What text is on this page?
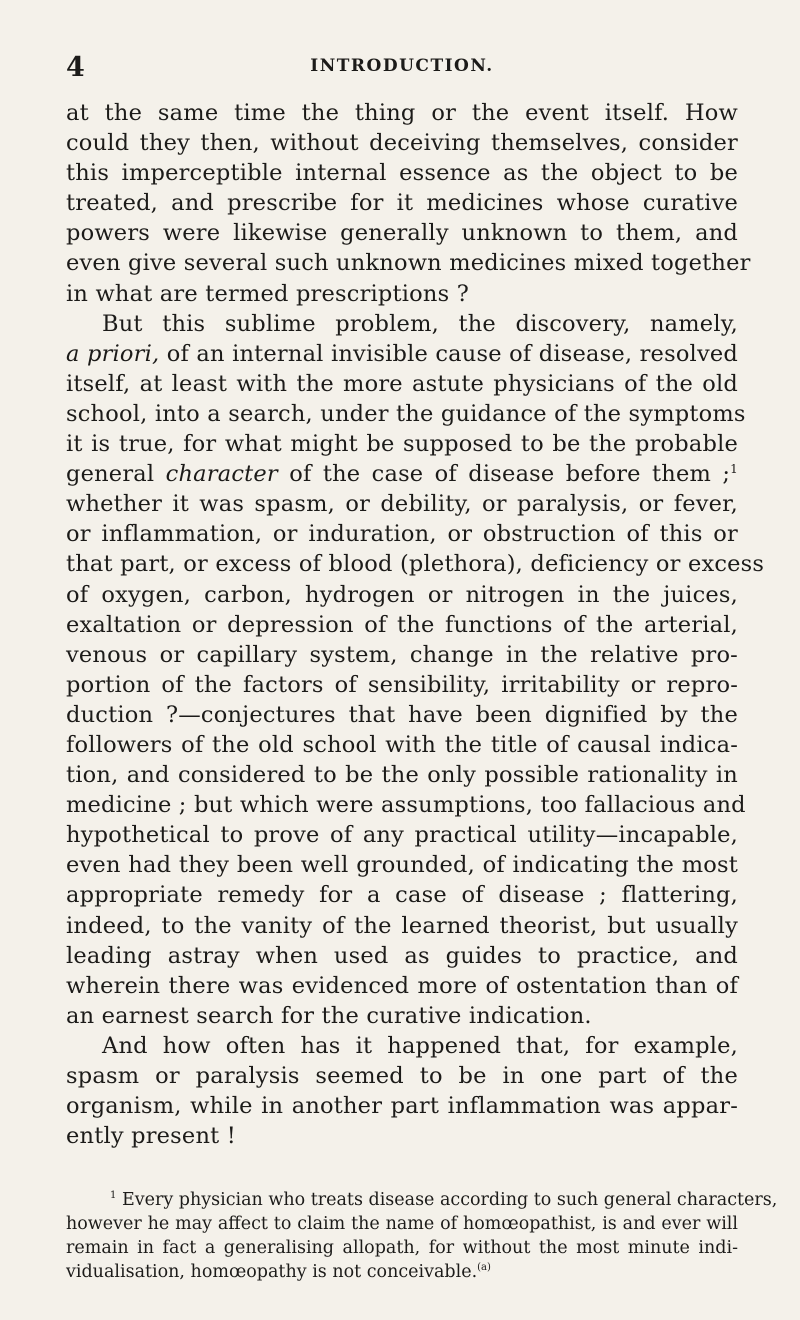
4	INTRODUCTION.
at the same time the thing or the event itself. How
could they then, without deceiving themselves, consider
this imperceptible internal essence as the object to be
treated, and prescribe for it medicines whose curative
powers were likewise generally unknown to them, and
even give several such unknown medicines mixed together
in what are termed prescriptions ?
But this sublime problem, the discovery, namely,
a priori, of an internal invisible cause of disease, resolved
itself, at least with the more astute physicians of the old
school, into a search, under the guidance of the symptoms
it is true, for what might be supposed to be the probable
general character of the case of disease before them ;$^1$
whether it was spasm, or debility, or paralysis, or fever,
or inflammation, or induration, or obstruction of this or
that part, or excess of blood (plethora), deficiency or excess
of oxygen, carbon, hydrogen or nitrogen in the juices,
exaltation or depression of the functions of the arterial,
venous or capillary system, change in the relative pro-
portion of the factors of sensibility, irritability or repro-
duction ?—conjectures that have been dignified by the
followers of the old school with the title of causal indica-
tion, and considered to be the only possible rationality in
medicine ; but which were assumptions, too fallacious and
hypothetical to prove of any practical utility—incapable,
even had they been well grounded, of indicating the most
appropriate remedy for a case of disease ; flattering,
indeed, to the vanity of the learned theorist, but usually
leading astray when used as guides to practice, and
wherein there was evidenced more of ostentation than of
an earnest search for the curative indication.
And how often has it happened that, for example,
spasm or paralysis seemed to be in one part of the
organism, while in another part inflammation was appar-
ently present !
$^1$ Every physician who treats disease according to such general characters,
however he may affect to claim the name of homœopathist, is and ever will
remain in fact a generalising allopath, for without the most minute indi-
vidualisation, homœopathy is not conceivable.$^{(a)}$
